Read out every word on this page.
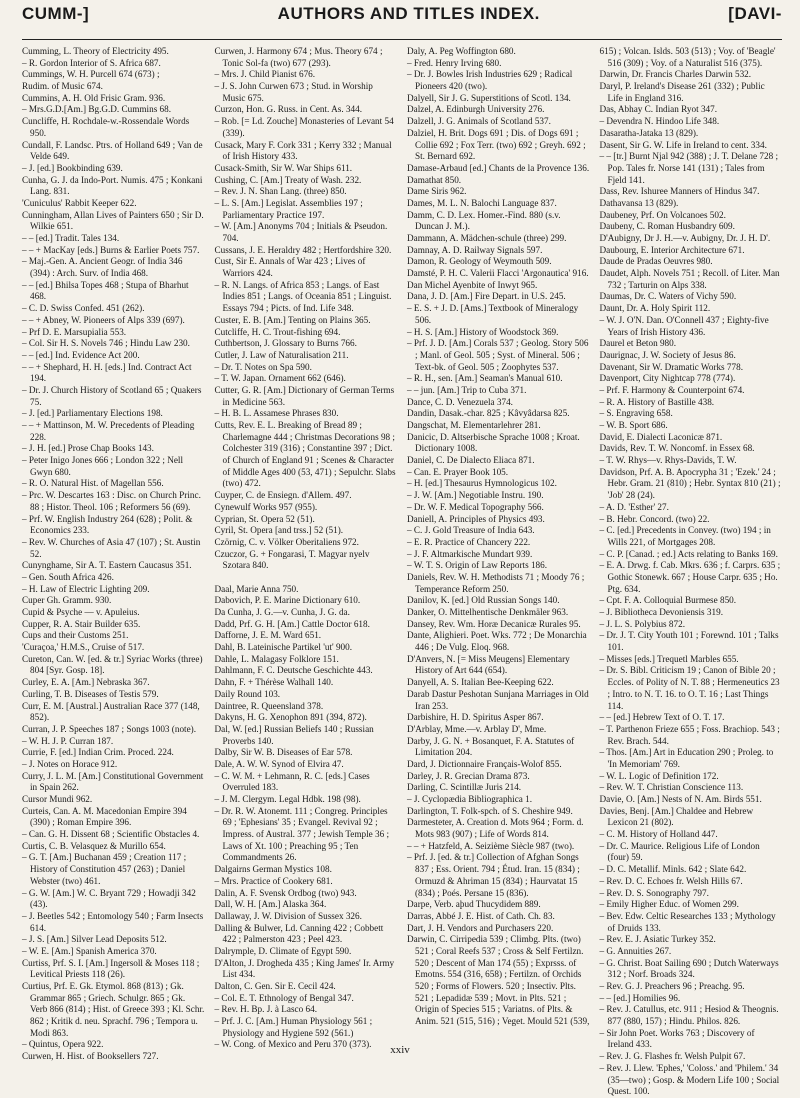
CUMM-]	AUTHORS AND TITLES INDEX.	[DAVI-

Cumming, L. Theory of Electricity 495.

– R. Gordon Interior of S. Africa 687.

Cummings, W. H. Purcell 674 (673) ;

Rudim. of Music 674.

Cummins, A. H. Old Frisic Gram. 936.

– Mrs.G.D.[Am.] Bg.G.D. Cummins 68.

Cuncliffe, H. Rochdale-w.-Rossendale Words 950.

Cundall, F. Landsc. Ptrs. of Holland 649 ; Van de Velde 649.

– J. [ed.] Bookbinding 639.

Cunha, G. J. da Indo-Port. Numis. 475 ; Konkani Lang. 831.

'Cuniculus' Rabbit Keeper 622.

Cunningham, Allan Lives of Painters 650 ; Sir D. Wilkie 651.

– – [ed.] Tradit. Tales 134.

– – + MacKay [eds.] Burns & Earlier Poets 757.

– Maj.-Gen. A. Ancient Geogr. of India 346 (394) : Arch. Surv. of India 468.

– – [ed.] Bhilsa Topes 468 ; Stupa of Bharhut 468.

– C. D. Swiss Confed. 451 (262).

– – + Abney, W. Pioneers of Alps 339 (697).

– Prf D. E. Marsupialia 553.

– Col. Sir H. S. Novels 746 ; Hindu Law 230.

– – [ed.] Ind. Evidence Act 200.

– – + Shephard, H. H. [eds.] Ind. Contract Act 194.

– Dr. J. Church History of Scotland 65 ; Quakers 75.

– J. [ed.] Parliamentary Elections 198.

– – + Mattinson, M. W. Precedents of Pleading 228.

– J. H. [ed.] Prose Chap Books 143.

– Peter Inigo Jones 666 ; London 322 ; Nell Gwyn 680.

– R. O. Natural Hist. of Magellan 556.

– Prc. W. Descartes 163 : Disc. on Church Princ. 88 ; Histor. Theol. 106 ; Reformers 56 (69).

– Prf. W. English Industry 264 (628) ; Polit. & Economics 233.

– Rev. W. Churches of Asia 47 (107) ; St. Austin 52.

Cunynghame, Sir A. T. Eastern Caucasus 351.

– Gen. South Africa 426.

– H. Law of Electric Lighting 209.

Cuper Gh. Gramm. 930.

Cupid & Psyche — v. Apuleius.

Cupper, R. A. Stair Builder 635.

Cups and their Customs 251.

'Curaçoa,' H.M.S., Cruise of 517.

Cureton, Can. W. [ed. & tr.] Syriac Works (three) 804 [Syr. Gosp. 18].

Curley, E. A. [Am.] Nebraska 367.

Curling, T. B. Diseases of Testis 579.

Curr, E. M. [Austral.] Australian Race 377 (148, 852).

Curran, J. P. Speeches 187 ; Songs 1003 (note).

– W. H. J. P. Curran 187.

Currie, F. [ed.] Indian Crim. Proced. 224.

– J. Notes on Horace 912.

Curry, J. L. M. [Am.] Constitutional Government in Spain 262.

Cursor Mundi 962.

Curteis, Can. A. M. Macedonian Empire 394 (390) ; Roman Empire 396.

– Can. G. H. Dissent 68 ; Scientific Obstacles 4.

Curtis, C. B. Velasquez & Murillo 654.

– G. T. [Am.] Buchanan 459 ; Creation 117 ; History of Constitution 457 (263) ; Daniel Webster (two) 461.

– G. W. [Am.] W. C. Bryant 729 ; Howadji 342 (43).

– J. Beetles 542 ; Entomology 540 ; Farm Insects 614.

– J. S. [Am.] Silver Lead Deposits 512.

– W. E. [Am.] Spanish America 370.

Curtiss, Prf. S. I. [Am.] Ingersoll & Moses 118 ; Levitical Priests 118 (26).

Curtius, Prf. E. Gk. Etymol. 868 (813) ; Gk. Grammar 865 ; Griech. Schulgr. 865 ; Gk. Verb 866 (814) ; Hist. of Greece 393 ; Kl. Schr. 862 ; Kritik d. neu. Sprachf. 796 ; Tempora u. Modi 863.

– Quintus, Opera 922.

Curwen, H. Hist. of Booksellers 727.

Curwen, J. Harmony 674 ; Mus. Theory 674 ; Tonic Sol-fa (two) 677 (293).

– Mrs. J. Child Pianist 676.

– J. S. John Curwen 673 ; Stud. in Worship Music 675.

Curzon, Hon. G. Russ. in Cent. As. 344.

– Rob. [= Ld. Zouche] Monasteries of Levant 54 (339).

Cusack, Mary F. Cork 331 ; Kerry 332 ; Manual of Irish History 433.

Cusack-Smith, Sir W. War Ships 611.

Cushing, C. [Am.] Treaty of Wash. 232.

– Rev. J. N. Shan Lang. (three) 850.

– L. S. [Am.] Legislat. Assemblies 197 ; Parliamentary Practice 197.

– W. [Am.] Anonyms 704 ; Initials & Pseudon. 704.

Cussans, J. E. Heraldry 482 ; Hertfordshire 320.

Cust, Sir E. Annals of War 423 ; Lives of Warriors 424.

– R. N. Langs. of Africa 853 ; Langs. of East Indies 851 ; Langs. of Oceania 851 ; Linguist. Essays 794 ; Picts. of Ind. Life 348.

Custer, E. B. [Am.] Tenting on Plains 365.

Cutcliffe, H. C. Trout-fishing 694.

Cuthbertson, J. Glossary to Burns 766.

Cutler, J. Law of Naturalisation 211.

– Dr. T. Notes on Spa 590.

– T. W. Japan. Ornament 662 (646).

Cutter, G. R. [Am.] Dictionary of German Terms in Medicine 563.

– H. B. L. Assamese Phrases 830.

Cutts, Rev. E. L. Breaking of Bread 89 ; Charlemagne 444 ; Christmas Decorations 98 ; Colchester 319 (316) ; Constantine 397 ; Dict. of Church of England 91 ; Scenes & Character of Middle Ages 400 (53, 471) ; Sepulchr. Slabs (two) 472.

Cuyper, C. de Ensiegn. d'Allem. 497.

Cynewulf Works 957 (955).

Cyprian, St. Opera 52 (51).

Cyril, St. Opera [and trss.] 52 (51).

Czörnig, C. v. Völker Oberitaliens 972.

Czuczor, G. + Fongarasi, T. Magyar nyelv Szotara 840.

Daal, Marie Anna 750.

Dabovich, P. E. Marine Dictionary 610.

Da Cunha, J. G.—v. Cunha, J. G. da.

Dadd, Prf. G. H. [Am.] Cattle Doctor 618.

Dafforne, J. E. M. Ward 651.

Dahl, B. Lateinische Partikel 'ut' 900.

Dahle, L. Malagasy Folklore 151.

Dahlmann, F. C. Deutsche Geschichte 443.

Dahn, F. + Thérèse Walhall 140.

Daily Round 103.

Daintree, R. Queensland 378.

Dakyns, H. G. Xenophon 891 (394, 872).

Dal, W. [ed.] Russian Beliefs 140 ; Russian Proverbs 140.

Dalby, Sir W. B. Diseases of Ear 578.

Dale, A. W. W. Synod of Elvira 47.

– C. W. M. + Lehmann, R. C. [eds.] Cases Overruled 183.

– J. M. Clergym. Legal Hdbk. 198 (98).

– Dr. R. W. Atonemt. 111 ; Congreg. Principles 69 ; 'Ephesians' 35 ; Evangel. Revival 92 ; Impress. of Austral. 377 ; Jewish Temple 36 ; Laws of Xt. 100 ; Preaching 95 ; Ten Commandments 26.

Dalgairns German Mystics 108.

– Mrs. Practice of Cookery 681.

Dalin, A. F. Svensk Ordbog (two) 943.

Dall, W. H. [Am.] Alaska 364.

Dallaway, J. W. Division of Sussex 326.

Dalling & Bulwer, Ld. Canning 422 ; Cobbett 422 ; Palmerston 423 ; Peel 423.

Dalrymple, D. Climate of Egypt 590.

D'Alton, J. Drogheda 435 ; King James' Ir. Army List 434.

Dalton, C. Gen. Sir E. Cecil 424.

– Col. E. T. Ethnology of Bengal 347.

– Rev. H. Bp. J. à Lasco 64.

– Prf. J. C. [Am.] Human Physiology 561 ; Physiology and Hygiene 592 (561.)

– W. Cong. of Mexico and Peru 370 (373).

Daly, A. Peg Woffington 680.

– Fred. Henry Irving 680.

– Dr. J. Bowles Irish Industries 629 ; Radical Pioneers 420 (two).

Dalyell, Sir J. G. Superstitions of Scotl. 134.

Dalzel, A. Edinburgh University 276.

Dalzell, J. G. Animals of Scotland 537.

Dalziel, H. Brit. Dogs 691 ; Dis. of Dogs 691 ; Collie 692 ; Fox Terr. (two) 692 ; Greyh. 692 ; St. Bernard 692.

Damase-Arbaud [ed.] Chants de la Provence 136.

Damathat 850.

Dame Siris 962.

Dames, M. L. N. Balochi Language 837.

Damm, C. D. Lex. Homer.-Find. 880 (s.v. Duncan J. M.).

Dammann, A. Mädchen-schule (three) 299.

Damnay, A. D. Railway Signals 597.

Damon, R. Geology of Weymouth 509.

Damsté, P. H. C. Valerii Flacci 'Argonautica' 916.

Dan Michel Ayenbite of Inwyt 965.

Dana, J. D. [Am.] Fire Depart. in U.S. 245.

– E. S. + J. D. [Ams.] Textbook of Mineralogy 506.

– H. S. [Am.] History of Woodstock 369.

– Prf. J. D. [Am.] Corals 537 ; Geolog. Story 506 ; Manl. of Geol. 505 ; Syst. of Mineral. 506 ; Text-bk. of Geol. 505 ; Zoophytes 537.

– R. H., sen. [Am.] Seaman's Manual 610.

– – jun. [Am.] Trip to Cuba 371.

Dance, C. D. Venezuela 374.

Dandin, Dasak.-char. 825 ; Kâvyâdarsa 825.

Dangschat, M. Elementarlehrer 281.

Danicic, D. Altserbische Sprache 1008 ; Kroat. Dictionary 1008.

Daniel, C. De Dialecto Eliaca 871.

– Can. E. Prayer Book 105.

– H. [ed.] Thesaurus Hymnologicus 102.

– J. W. [Am.] Negotiable Instru. 190.

– Dr. W. F. Medical Topography 566.

Daniell, A. Principles of Physics 493.

– C. J. Gold Treasure of India 643.

– E. R. Practice of Chancery 222.

– J. F. Altmarkische Mundart 939.

– W. T. S. Origin of Law Reports 186.

Daniels, Rev. W. H. Methodists 71 ; Moody 76 ; Temperance Reform 250.

Danilov, K. [ed.] Old Russian Songs 140.

Danker, O. Mittelhentische Denkmäler 963.

Dansey, Rev. Wm. Horæ Decanicæ Rurales 95.

Dante, Alighieri. Poet. Wks. 772 ; De Monarchia 446 ; De Vulg. Eloq. 968.

D'Anvers, N. [= Miss Meugens] Elementary History of Art 644 (654).

Danyell, A. S. Italian Bee-Keeping 622.

Darab Dastur Peshotan Sunjana Marriages in Old Iran 253.

Darbishire, H. D. Spiritus Asper 867.

D'Arblay, Mme.—v. Arblay D', Mme.

Darby, J. G. N. + Bosanquet, F. A. Statutes of Limitation 204.

Dard, J. Dictionnaire Français-Wolof 855.

Darley, J. R. Grecian Drama 873.

Darling, C. Scintillæ Juris 214.

– J. Cyclopædia Bibliographica 1.

Darlington, T. Folk-spch. of S. Cheshire 949.

Darmesteter, A. Creation d. Mots 964 ; Form. d. Mots 983 (907) ; Life of Words 814.

– – + Hatzfeld, A. Seizième Siècle 987 (two).

– Prf. J. [ed. & tr.] Collection of Afghan Songs 837 ; Ess. Orient. 794 ; Étud. Iran. 15 (834) ; Ormuzd & Ahriman 15 (834) ; Haurvatat 15 (834) ; Poés. Persane 15 (836).

Darpe, Verb. aþud Thucydidem 889.

Darras, Abbé J. E. Hist. of Cath. Ch. 83.

Dart, J. H. Vendors and Purchasers 220.

Darwin, C. Cirripedia 539 ; Climbg. Plts. (two) 521 ; Coral Reefs 537 ; Cross & Self Fertilzn. 520 ; Descent of Man 174 (55) ; Exprsss. of Emotns. 554 (316, 658) ; Fertilzn. of Orchids 520 ; Forms of Flowers. 520 ; Insectiv. Plts. 521 ; Lepadidæ 539 ; Movt. in Plts. 521 ; Origin of Species 515 ; Variatns. of Plts. & Anim. 521 (515, 516) ; Veget. Mould 521 (539,

615) ; Volcan. Islds. 503 (513) ; Voy. of 'Beagle' 516 (309) ; Voy. of a Naturalist 516 (375).

Darwin, Dr. Francis Charles Darwin 532.

Daryl, P. Ireland's Disease 261 (332) ; Public Life in England 316.

Das, Abhay C. Indian Ryot 347.

– Devendra N. Hindoo Life 348.

Dasaratha-Jataka 13 (829).

Dasent, Sir G. W. Life in Ireland to cent. 334.

– – [tr.] Burnt Njal 942 (388) ; J. T. Delane 728 ; Pop. Tales fr. Norse 141 (131) ; Tales from Fjeld 141.

Dass, Rev. Ishuree Manners of Hindus 347.

Dathavansa 13 (829).

Daubeney, Prf. On Volcanoes 502.

Daubeny, C. Roman Husbandry 609.

D'Aubigny, Dr J. H.—v. Aubigny, Dr. J. H. D'.

Daubourg, E. Interior Architecture 671.

Daude de Pradas Oeuvres 980.

Daudet, Alph. Novels 751 ; Recoll. of Liter. Man 732 ; Tarturin on Alps 338.

Daumas, Dr. C. Waters of Vichy 590.

Daunt, Dr. A. Holy Spirit 112.

– W. J. O'N. Dan. O'Connell 437 ; Eighty-five Years of Irish History 436.

Daurel et Beton 980.

Daurignac, J. W. Society of Jesus 86.

Davenant, Sir W. Dramatic Works 778.

Davenport, City Nightcap 778 (774).

– Prf. F. Harmony & Counterpoint 674.

– R. A. History of Bastille 438.

– S. Engraving 658.

– W. B. Sport 686.

David, E. Dialecti Laconicæ 871.

Davids, Rev. T. W. Noncomf. in Essex 68.

– T. W. Rhys—v. Rhys-Davids, T. W.

Davidson, Prf. A. B. Apocrypha 31 ; 'Ezek.' 24 ; Hebr. Gram. 21 (810) ; Hebr. Syntax 810 (21) ; 'Job' 28 (24).

– A. D. 'Esther' 27.

– B. Hebr. Concord. (two) 22.

– C. [ed.] Precedents in Convey. (two) 194 ; in Wills 221, of Mortgages 208.

– C. P. [Canad. ; ed.] Acts relating to Banks 169.

– E. A. Drwg. f. Cab. Mkrs. 636 ; f. Carprs. 635 ; Gothic Stonewk. 667 ; House Carpr. 635 ; Ho. Ptg. 634.

– Cpt. F. A. Colloquial Burmese 850.

– J. Bibliotheca Devoniensis 319.

– J. L. S. Polybius 872.

– Dr. J. T. City Youth 101 ; Forewnd. 101 ; Talks 101.

– Misses [eds.] Trequetl Marbles 655.

– Dr. S. Bibl. Criticism 19 ; Canon of Bible 20 ; Eccles. of Polity of N. T. 88 ; Hermeneutics 23 ; Intro. to N. T. 16. to O. T. 16 ; Last Things 114.

– – [ed.] Hebrew Text of O. T. 17.

– T. Parthenon Frieze 655 ; Foss. Brachiop. 543 ; Rev. Brach. 544.

– Thos. [Am.] Art in Education 290 ; Proleg. to 'In Memoriam' 769.

– W. L. Logic of Definition 172.

– Rev. W. T. Christian Conscience 113.

Davie, O. [Am.] Nests of N. Am. Birds 551.

Davies, Benj. [Am.] Chaldee and Hebrew Lexicon 21 (802).

– C. M. History of Holland 447.

– Dr. C. Maurice. Religious Life of London (four) 59.

– D. C. Metallif. Minls. 642 ; Slate 642.

– Rev. D. C. Echoes fr. Welsh Hills 67.

– Rev. D. S. Sonography 797.

– Emily Higher Educ. of Women 299.

– Bev. Edw. Celtic Researches 133 ; Mythology of Druids 133.

– Rev. E. J. Asiatic Turkey 352.

– G. Annuities 267.

– G. Christ. Boat Sailing 690 ; Dutch Waterways 312 ; Norf. Broads 324.

– Rev. G. J. Preachers 96 ; Preachg. 95.

– – [ed.] Homilies 96.

– Rev. J. Catullus, etc. 911 ; Hesiod & Theognis. 877 (880, 157) ; Hindu. Philos. 826.

– Sir John Poet. Works 763 ; Discovery of Ireland 433.

– Rev. J. G. Flashes fr. Welsh Pulpit 67.

– Rev. J. Llew. 'Ephes,' 'Coloss.' and 'Philem.' 34 (35—two) ; Gosp. & Modern Life 100 ; Social Quest. 100.

xxiv
